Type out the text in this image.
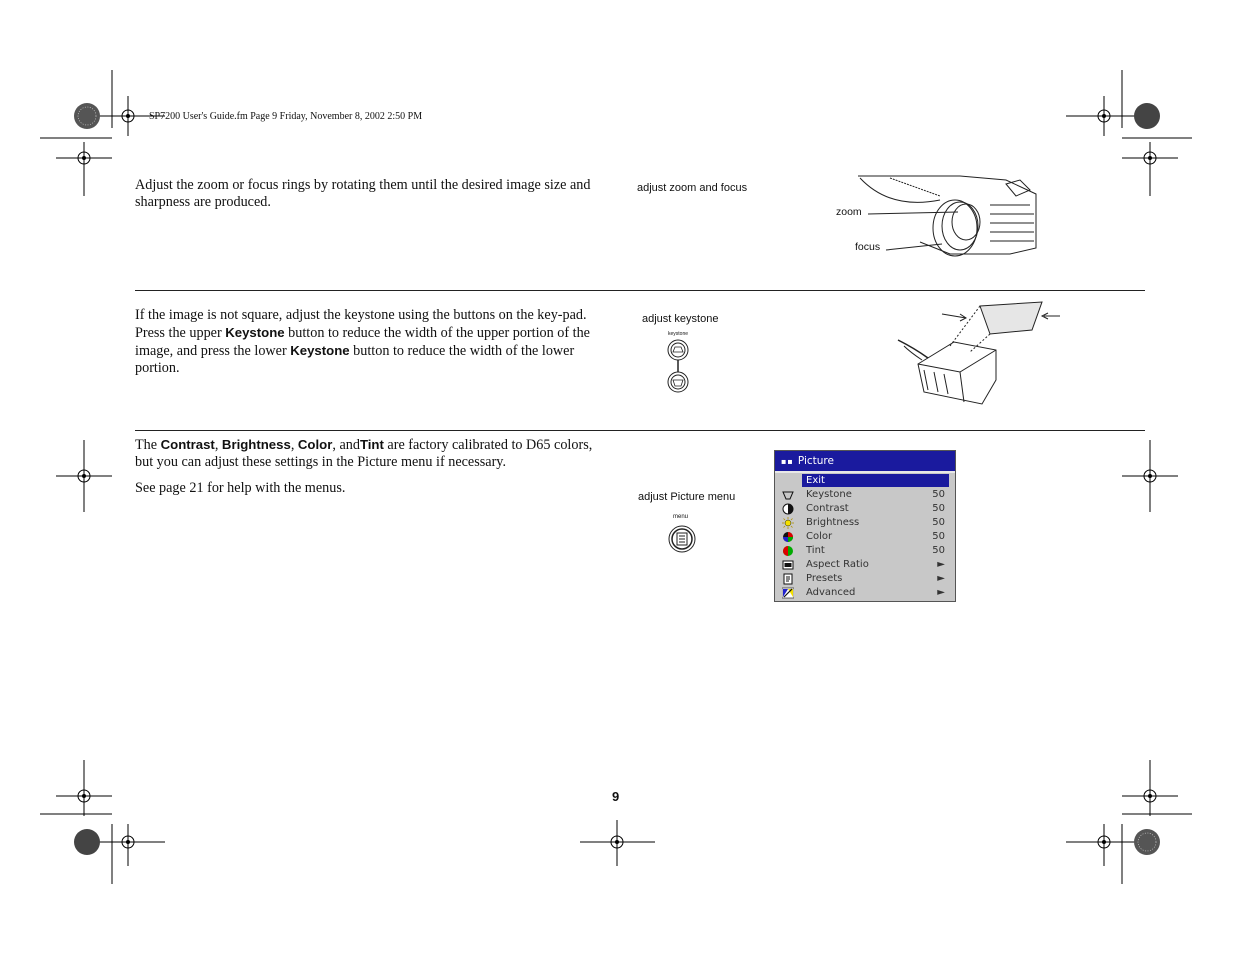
SP7200 User's Guide.fm Page 9 Friday, November 8, 2002 2:50 PM
Adjust the zoom or focus rings by rotating them until the desired image size and sharpness are produced.
adjust zoom and focus
zoom
focus
If the image is not square, adjust the keystone using the buttons on the key-pad. Press the upper Keystone button to reduce the width of the upper portion of the image, and press the lower Keystone button to reduce the width of the lower portion.
adjust keystone
keystone
The Contrast, Brightness, Color, andTint are factory calibrated to D65 colors, but you can adjust these settings in the Picture menu if necessary.
See page 21 for help with the menus.
adjust Picture menu
menu
▪▪ Picture
Exit
Keystone	50
Contrast	50
Brightness	50
Color	50
Tint	50
Aspect Ratio	►
Presets	►
Advanced	►
9
